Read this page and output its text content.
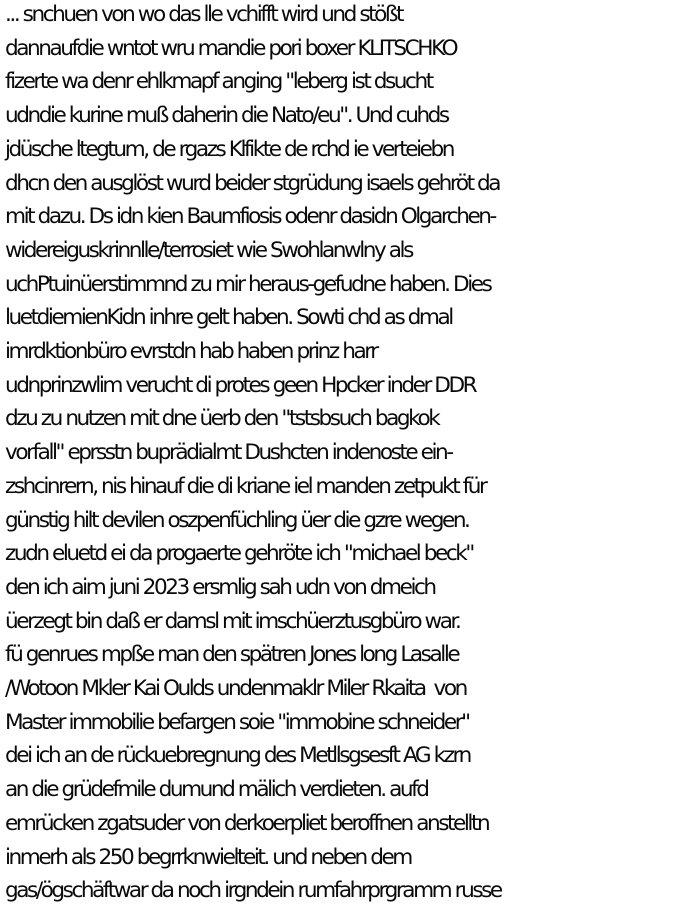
... snchuen von wo das lle vchifft wird und stößt
dannaufdie wntot wru mandie pori boxer KLITSCHKO
fizerte wa denr ehlkmapf anging "leberg ist dsucht
udndie kurine muß daherin die Nato/eu". Und cuhds
jdüsche ltegtum, de rgazs Klfikte de rchd ie verteiebn
dhcn den ausglöst wurd beider stgrüdung isaels gehröt da
mit dazu. Ds idn kien Baumfiosis odenr dasidn Olgarchen-
widereiguskrinnlle/terrosiet wie Swohlanwlny als
uchPtuinüerstimmnd zu mir heraus-gefudne haben. Dies
luetdiemienKidn inhre gelt haben. Sowti chd as dmal
imrdktionbüro evrstdn hab haben prinz harr
udnprinzwlim verucht di protes geen Hpcker inder DDR
dzu zu nutzen mit dne üerb den "tstsbsuch bagkok
vorfall" eprsstn buprädialmt Dushcten indenoste ein-
zshcinrern, nis hinauf die di kriane iel manden zetpukt für
günstig hilt devilen oszpenfüchling üer die gzre wegen.
zudn eluetd ei da progaerte gehröte ich "michael beck"
den ich aim juni 2023 ersmlig sah udn von dmeich
üerzegt bin daß er damsl mit imschüerztusgbüro war.
fü genrues mpße man den spätren Jones long Lasalle
/Wotoon Mkler Kai Oulds undenmaklr Miler Rkaita  von
Master immobilie befargen soie "immobine schneider"
dei ich an de rückuebregnung des Metllsgsesft AG kzrn
an die grüdefmile dumund mälich verdieten. aufd
emrücken zgatsuder von derkoerpliet beroffnen anstelltn
inmerh als 250 begrrknwielteit. und neben dem
gas/ögschäftwar da noch irgndein rumfahrprgramm russe
